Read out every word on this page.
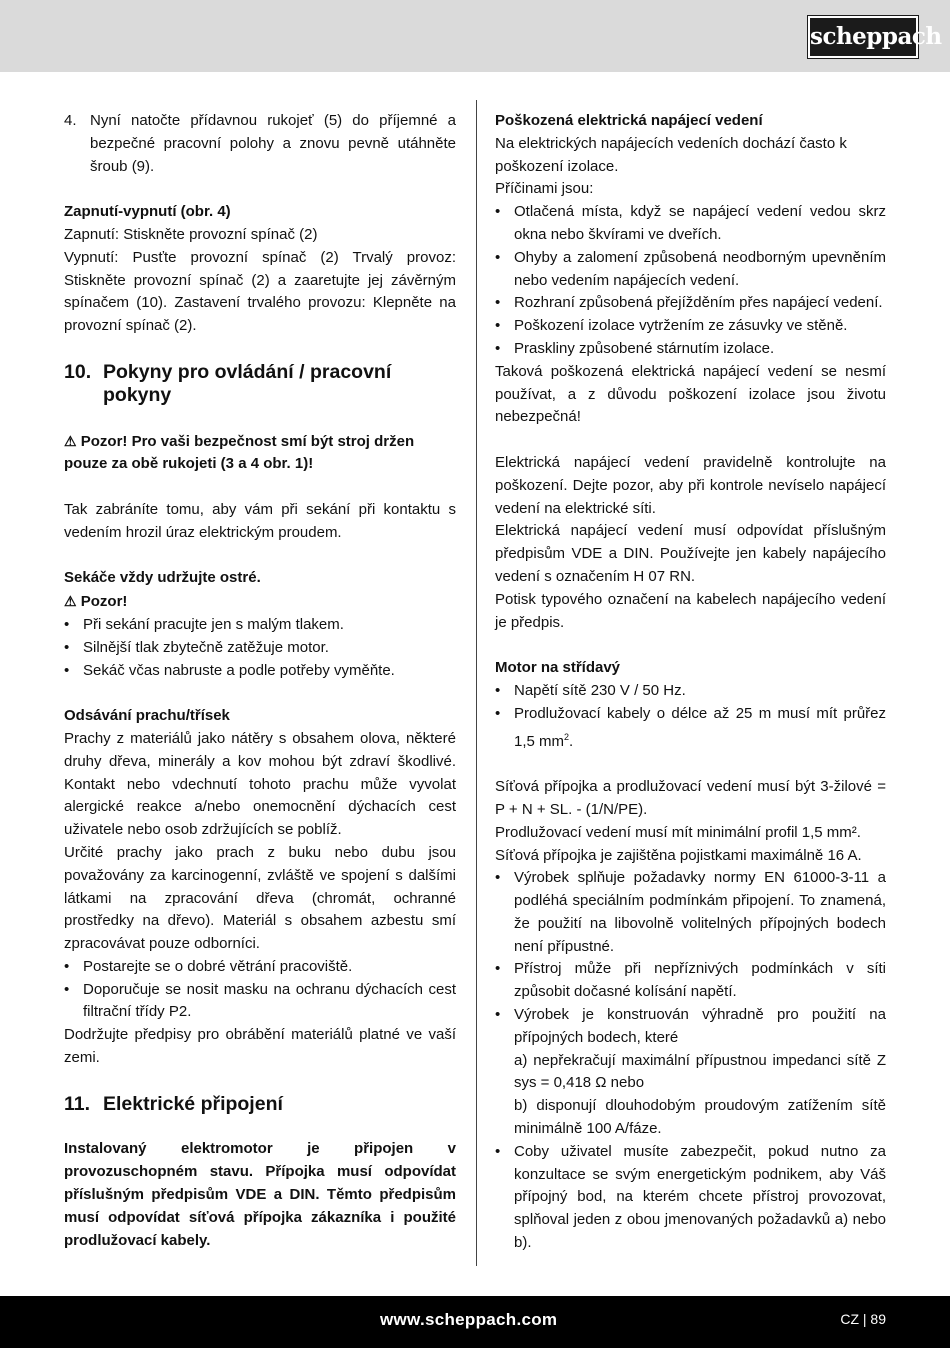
scheppach
4. Nyní natočte přídavnou rukojeť (5) do příjemné a bezpečné pracovní polohy a znovu pevně utáhněte šroub (9).

Zapnutí-vypnutí (obr. 4)

Zapnutí: Stiskněte provozní spínač (2)

Vypnutí: Pusťte provozní spínač (2) Trvalý provoz: Stiskněte provozní spínač (2) a zaaretujte jej závěrným spínačem (10). Zastavení trvalého provozu: Klepněte na provozní spínač (2).

10. Pokyny pro ovládání / pracovní pokyny

⚠ Pozor! Pro vaši bezpečnost smí být stroj držen pouze za obě rukojeti (3 a 4 obr. 1)!

Tak zabráníte tomu, aby vám při sekání při kontaktu s vedením hrozil úraz elektrickým proudem.

Sekáče vždy udržujte ostré.

⚠ Pozor!

• Při sekání pracujte jen s malým tlakem.
• Silnější tlak zbytečně zatěžuje motor.
• Sekáč včas nabruste a podle potřeby vyměňte.

Odsávání prachu/třísek

Prachy z materiálů jako nátěry s obsahem olova, některé druhy dřeva, minerály a kov mohou být zdraví škodlivé. Kontakt nebo vdechnutí tohoto prachu může vyvolat alergické reakce a/nebo onemocnění dýchacích cest uživatele nebo osob zdržujících se poblíž.

Určité prachy jako prach z buku nebo dubu jsou považovány za karcinogenní, zvláště ve spojení s dalšími látkami na zpracování dřeva (chromát, ochranné prostředky na dřevo). Materiál s obsahem azbestu smí zpracovávat pouze odborníci.

• Postarejte se o dobré větrání pracoviště.
• Doporučuje se nosit masku na ochranu dýchacích cest filtrační třídy P2.

Dodržujte předpisy pro obrábění materiálů platné ve vaší zemi.

11. Elektrické připojení

Instalovaný elektromotor je připojen v provozuschopném stavu. Přípojka musí odpovídat příslušným předpisům VDE a DIN. Těmto předpisům musí odpovídat síťová přípojka zákazníka i použité prodlužovací kabely.

Poškozená elektrická napájecí vedení

Na elektrických napájecích vedeních dochází často k poškození izolace.

Příčinami jsou:

• Otlačená místa, když se napájecí vedení vedou skrz okna nebo škvírami ve dveřích.
• Ohyby a zalomení způsobená neodborným upevněním nebo vedením napájecích vedení.
• Rozhraní způsobená přejížděním přes napájecí vedení.
• Poškození izolace vytržením ze zásuvky ve stěně.
• Praskliny způsobené stárnutím izolace.

Taková poškozená elektrická napájecí vedení se nesmí používat, a z důvodu poškození izolace jsou životu nebezpečná!

Elektrická napájecí vedení pravidelně kontrolujte na poškození. Dejte pozor, aby při kontrole nevíselo napájecí vedení na elektrické síti.

Elektrická napájecí vedení musí odpovídat příslušným předpisům VDE a DIN. Používejte jen kabely napájecího vedení s označením H 07 RN.

Potisk typového označení na kabelech napájecího vedení je předpis.

Motor na střídavý

• Napětí sítě 230 V / 50 Hz.
• Prodlužovací kabely o délce až 25 m musí mít průřez 1,5 $mm^2$.

Síťová přípojka a prodlužovací vedení musí být 3-žilové = P + N + SL. - (1/N/PE).

Prodlužovací vedení musí mít minimální profil 1,5 mm².

Síťová přípojka je zajištěna pojistkami maximálně 16 A.

• Výrobek splňuje požadavky normy EN 61000-3-11 a podléhá speciálním podmínkám připojení. To znamená, že použití na libovolně volitelných přípojných bodech není přípustné.
• Přístroj může při nepříznivých podmínkách v síti způsobit dočasné kolísání napětí.
• Výrobek je konstruován výhradně pro použití na přípojných bodech, které
a) nepřekračují maximální přípustnou impedanci sítě Z sys = 0,418 Ω nebo
b) disponují dlouhodobým proudovým zatížením sítě minimálně 100 A/fáze.
• Coby uživatel musíte zabezpečit, pokud nutno za konzultace se svým energetickým podnikem, aby Váš přípojný bod, na kterém chcete přístroj provozovat, splňoval jeden z obou jmenovaných požadavků a) nebo b).
www.scheppach.com	CZ | 89
